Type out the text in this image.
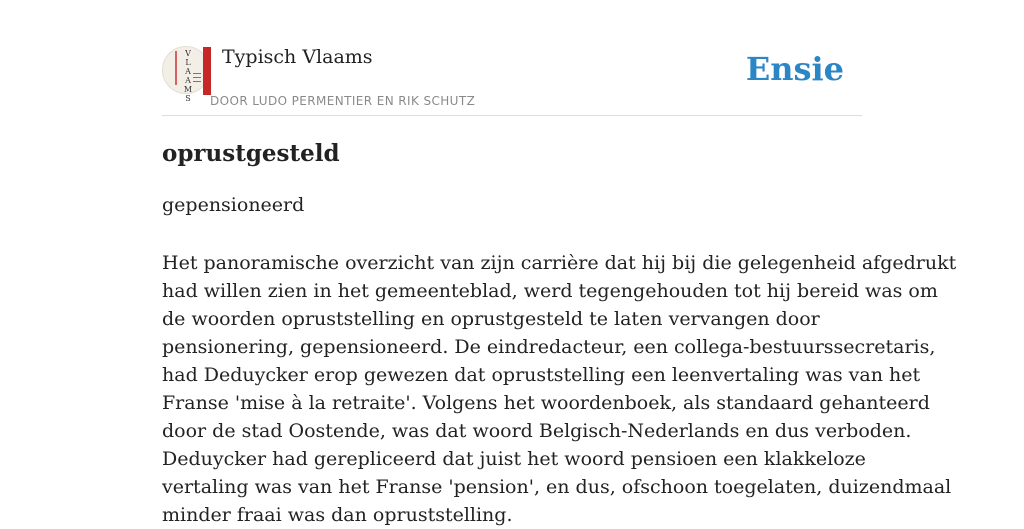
V
L
A
A
M
S
Typisch Vlaams
DOOR LUDO PERMENTIER EN RIK SCHUTZ
Ensie
oprustgesteld
gepensioneerd
Het panoramische overzicht van zijn carrière dat hij bij die gelegenheid afgedrukt
had willen zien in het gemeenteblad, werd tegengehouden tot hij bereid was om
de woorden opruststelling en oprustgesteld te laten vervangen door
pensionering, gepensioneerd. De eindredacteur, een collega-bestuurssecretaris,
had Deduycker erop gewezen dat opruststelling een leenvertaling was van het
Franse 'mise à la retraite'. Volgens het woordenboek, als standaard gehanteerd
door de stad Oostende, was dat woord Belgisch-Nederlands en dus verboden.
Deduycker had gerepliceerd dat juist het woord pensioen een klakkeloze
vertaling was van het Franse 'pension', en dus, ofschoon toegelaten, duizendmaal
minder fraai was dan opruststelling.
